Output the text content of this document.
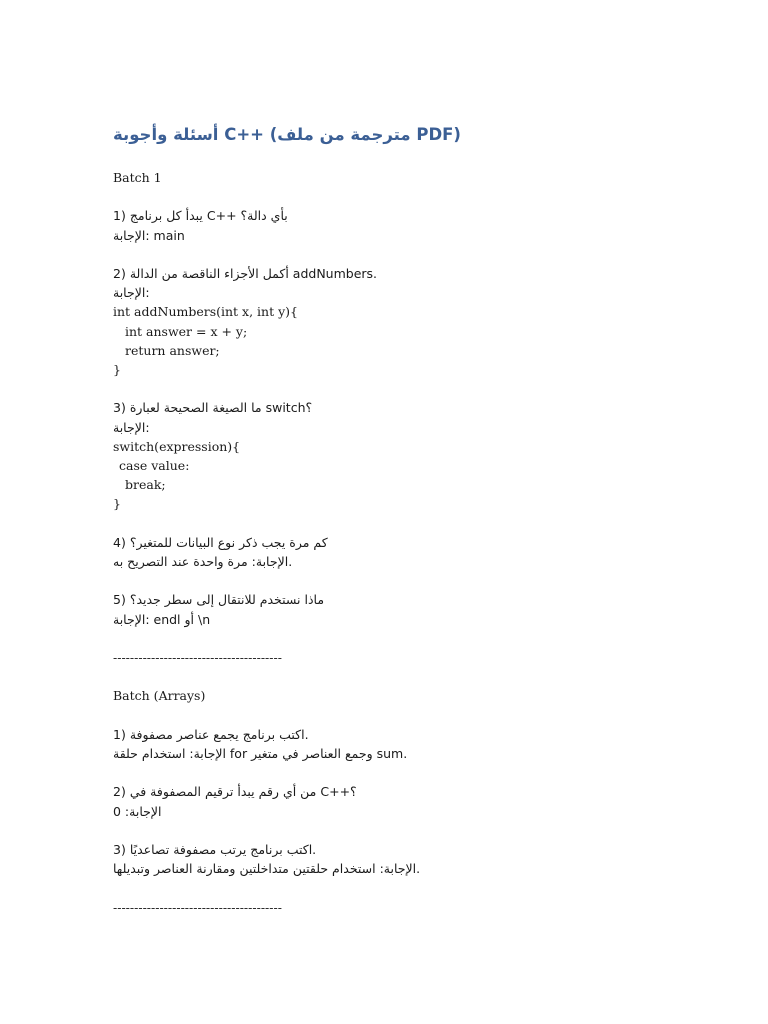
أسئلة وأجوبة C++ (مترجمة من ملف PDF)
Batch 1
1) يبدأ كل برنامج C++ بأي دالة؟
الإجابة: main
2) أكمل الأجزاء الناقصة من الدالة addNumbers.
الإجابة:
int addNumbers(int x, int y){
int answer = x + y;
return answer;
}
3) ما الصيغة الصحيحة لعبارة switch؟
الإجابة:
switch(expression){
case value:
break;
}
4) كم مرة يجب ذكر نوع البيانات للمتغير؟
الإجابة: مرة واحدة عند التصريح به.
5) ماذا نستخدم للانتقال إلى سطر جديد؟
الإجابة: endl أو \n
----------------------------------------
Batch (Arrays)
1) اكتب برنامج يجمع عناصر مصفوفة.
الإجابة: استخدام حلقة for وجمع العناصر في متغير sum.
2) من أي رقم يبدأ ترقيم المصفوفة في C++؟
الإجابة: 0
3) اكتب برنامج يرتب مصفوفة تصاعديًا.
الإجابة: استخدام حلقتين متداخلتين ومقارنة العناصر وتبديلها.
----------------------------------------
